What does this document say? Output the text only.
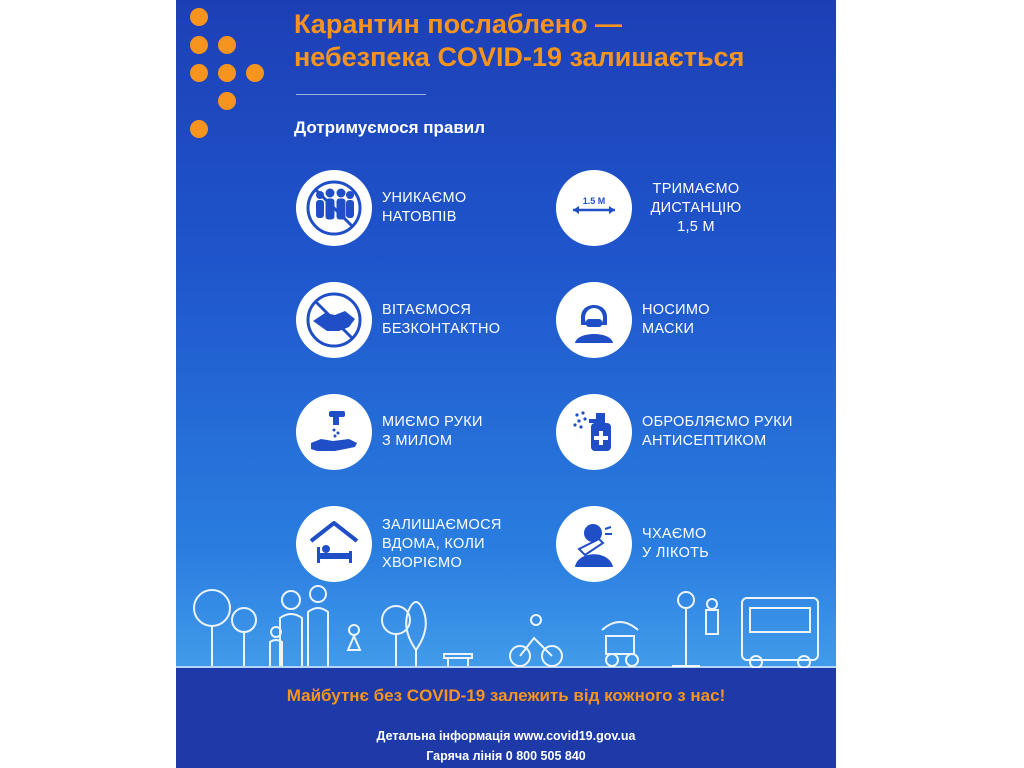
Карантин послаблено —
небезпека COVID-19 залишається
Дотримуємося правил
УНИКАЄМО
НАТОВПІВ
ВІТАЄМОСЯ
БЕЗКОНТАКТНО
МИЄМО РУКИ
З МИЛОМ
ЗАЛИШАЄМОСЯ
ВДОМА, КОЛИ
ХВОРІЄМО
1.5 M
ТРИМАЄМО
ДИСТАНЦІЮ
1,5 М
НОСИМО
МАСКИ
ОБРОБЛЯЄМО РУКИ
АНТИСЕПТИКОМ
ЧХАЄМО
У ЛІКОТЬ
Майбутнє без COVID-19 залежить від кожного з нас!
Детальна інформація www.covid19.gov.ua
Гаряча лінія 0 800 505 840
